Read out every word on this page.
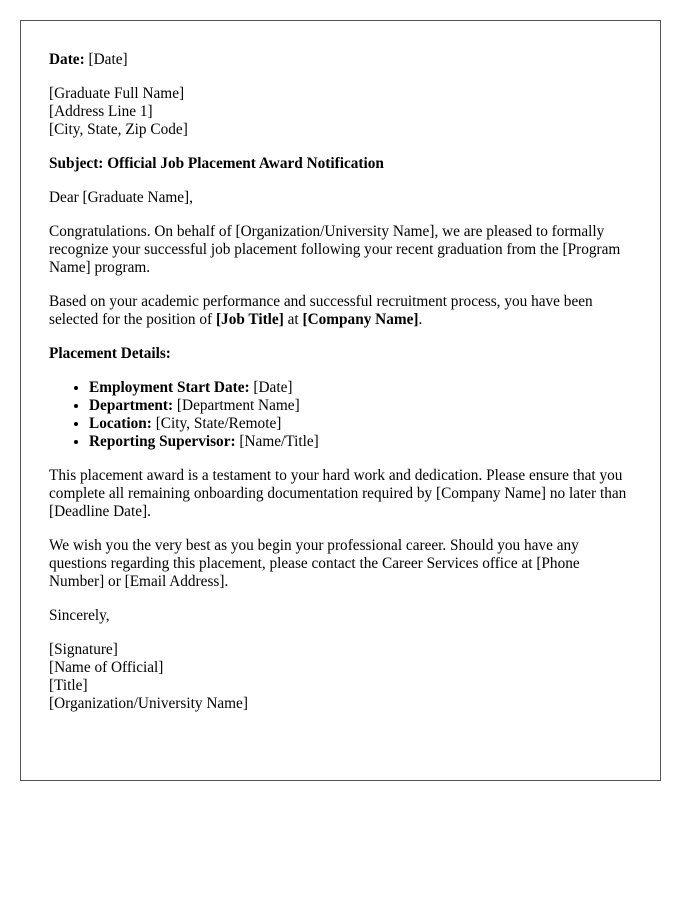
Date: [Date]

[Graduate Full Name]
[Address Line 1]
[City, State, Zip Code]

Subject: Official Job Placement Award Notification

Dear [Graduate Name],

Congratulations. On behalf of [Organization/University Name], we are pleased to formally recognize your successful job placement following your recent graduation from the [Program Name] program.

Based on your academic performance and successful recruitment process, you have been selected for the position of [Job Title] at [Company Name].

Placement Details:

• Employment Start Date: [Date]
• Department: [Department Name]
• Location: [City, State/Remote]
• Reporting Supervisor: [Name/Title]

This placement award is a testament to your hard work and dedication. Please ensure that you complete all remaining onboarding documentation required by [Company Name] no later than [Deadline Date].

We wish you the very best as you begin your professional career. Should you have any questions regarding this placement, please contact the Career Services office at [Phone Number] or [Email Address].

Sincerely,

[Signature]
[Name of Official]
[Title]
[Organization/University Name]
